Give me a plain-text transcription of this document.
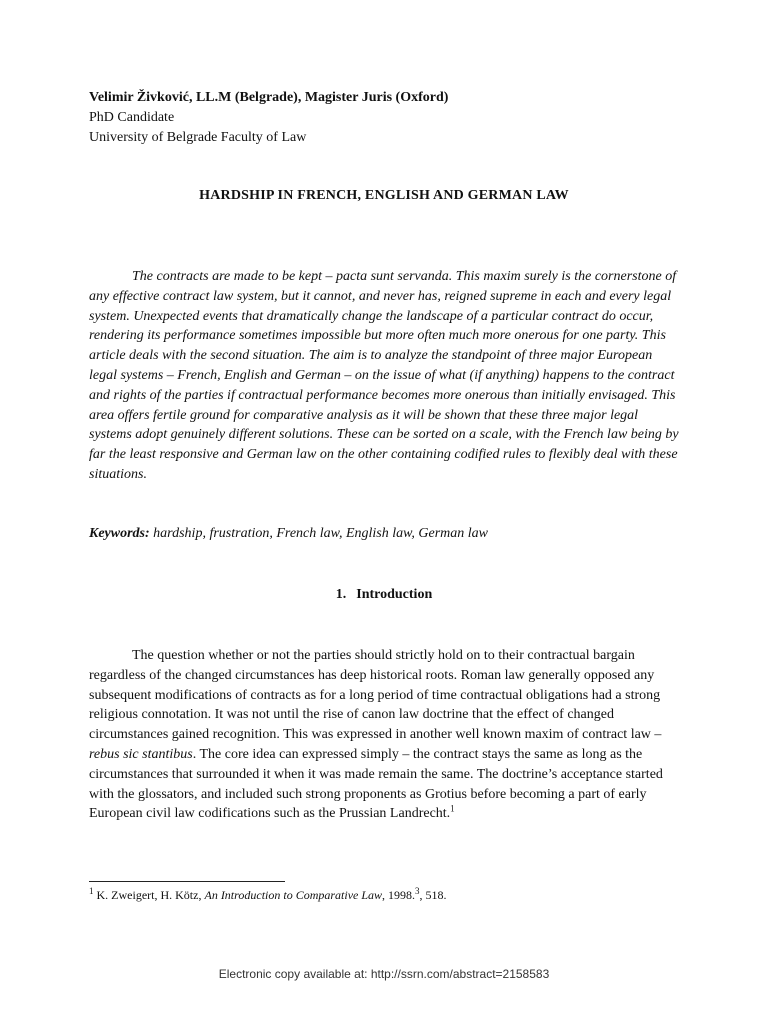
Velimir Živković, LL.M (Belgrade), Magister Juris (Oxford)
PhD Candidate
University of Belgrade Faculty of Law
HARDSHIP IN FRENCH, ENGLISH AND GERMAN LAW
The contracts are made to be kept – pacta sunt servanda. This maxim surely is the cornerstone of any effective contract law system, but it cannot, and never has, reigned supreme in each and every legal system. Unexpected events that dramatically change the landscape of a particular contract do occur, rendering its performance sometimes impossible but more often much more onerous for one party. This article deals with the second situation. The aim is to analyze the standpoint of three major European legal systems – French, English and German – on the issue of what (if anything) happens to the contract and rights of the parties if contractual performance becomes more onerous than initially envisaged. This area offers fertile ground for comparative analysis as it will be shown that these three major legal systems adopt genuinely different solutions. These can be sorted on a scale, with the French law being by far the least responsive and German law on the other containing codified rules to flexibly deal with these situations.
Keywords: hardship, frustration, French law, English law, German law
1. Introduction
The question whether or not the parties should strictly hold on to their contractual bargain regardless of the changed circumstances has deep historical roots. Roman law generally opposed any subsequent modifications of contracts as for a long period of time contractual obligations had a strong religious connotation. It was not until the rise of canon law doctrine that the effect of changed circumstances gained recognition. This was expressed in another well known maxim of contract law – rebus sic stantibus. The core idea can expressed simply – the contract stays the same as long as the circumstances that surrounded it when it was made remain the same. The doctrine’s acceptance started with the glossators, and included such strong proponents as Grotius before becoming a part of early European civil law codifications such as the Prussian Landrecht.$^1$
$^1$ K. Zweigert, H. Kötz, An Introduction to Comparative Law, 1998.$^3$, 518.
Electronic copy available at: http://ssrn.com/abstract=2158583
